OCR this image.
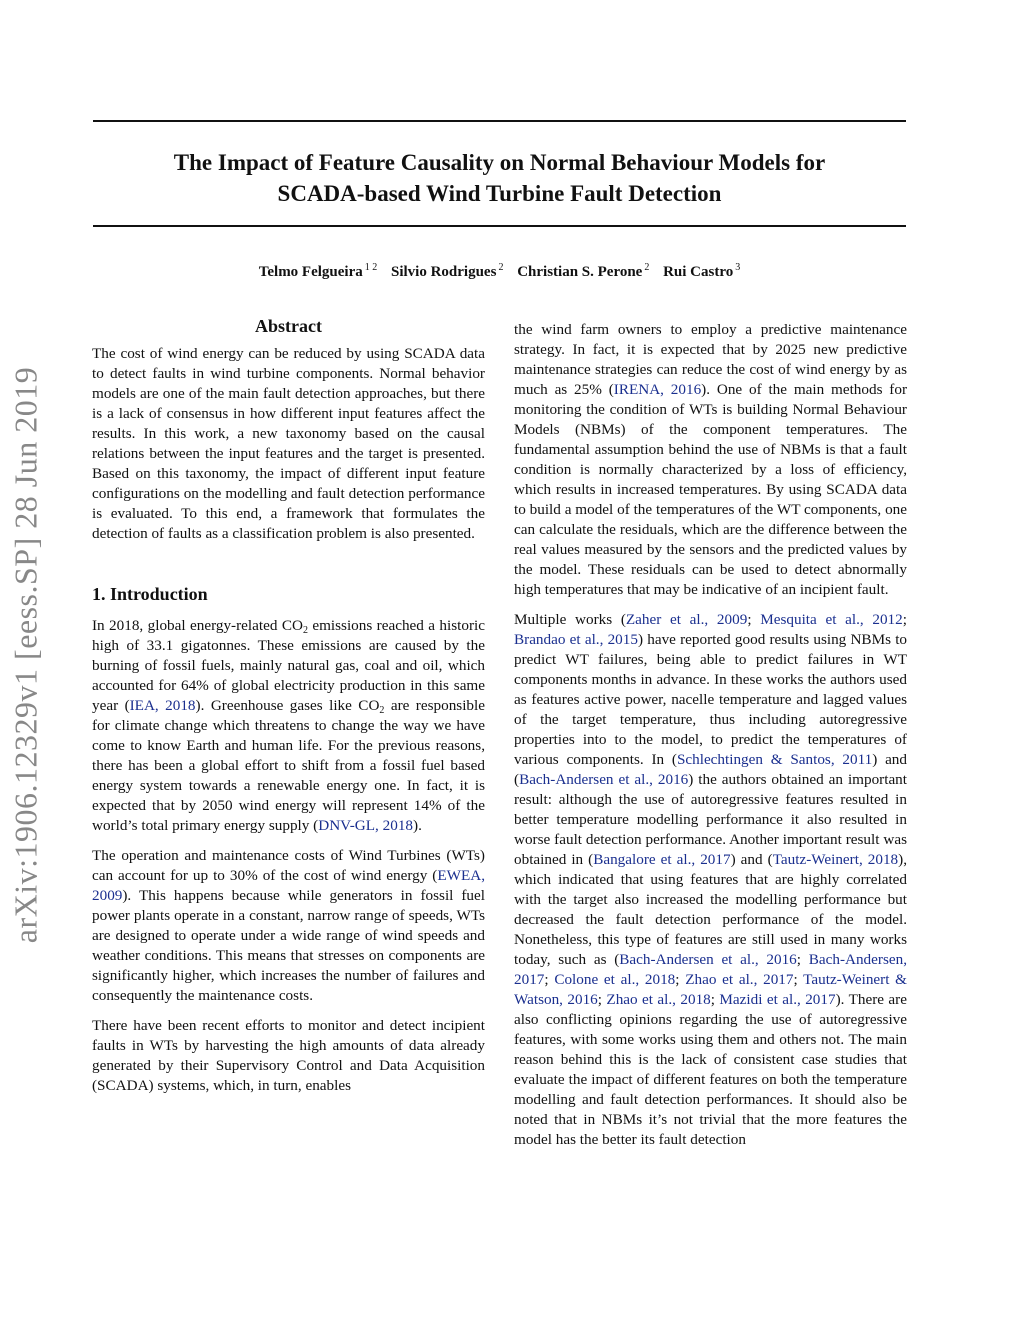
The Impact of Feature Causality on Normal Behaviour Models for
SCADA-based Wind Turbine Fault Detection

Telmo Felgueira $^{1 2}$ Silvio Rodrigues $^2$ Christian S. Perone $^2$ Rui Castro $^3$

arXiv:1906.12329v1 [eess.SP] 28 Jun 2019
Abstract

The cost of wind energy can be reduced by using SCADA data to detect faults in wind turbine components. Normal behavior models are one of the main fault detection approaches, but there is a lack of consensus in how different input features affect the results. In this work, a new taxonomy based on the causal relations between the input features and the target is presented. Based on this taxonomy, the impact of different input feature configurations on the modelling and fault detection performance is evaluated. To this end, a framework that formulates the detection of faults as a classification problem is also presented.

1. Introduction

In 2018, global energy-related $CO_2$ emissions reached a historic high of 33.1 gigatonnes. These emissions are caused by the burning of fossil fuels, mainly natural gas, coal and oil, which accounted for 64% of global electricity production in this same year (IEA, 2018). Greenhouse gases like $CO_2$ are responsible for climate change which threatens to change the way we have come to know Earth and human life. For the previous reasons, there has been a global effort to shift from a fossil fuel based energy system towards a renewable energy one. In fact, it is expected that by 2050 wind energy will represent 14% of the world’s total primary energy supply (DNV-GL, 2018).

The operation and maintenance costs of Wind Turbines (WTs) can account for up to 30% of the cost of wind energy (EWEA, 2009). This happens because while generators in fossil fuel power plants operate in a constant, narrow range of speeds, WTs are designed to operate under a wide range of wind speeds and weather conditions. This means that stresses on components are significantly higher, which increases the number of failures and consequently the maintenance costs.

There have been recent efforts to monitor and detect incipient faults in WTs by harvesting the high amounts of data already generated by their Supervisory Control and Data Acquisition (SCADA) systems, which, in turn, enables

the wind farm owners to employ a predictive maintenance strategy. In fact, it is expected that by 2025 new predictive maintenance strategies can reduce the cost of wind energy by as much as 25% (IRENA, 2016). One of the main methods for monitoring the condition of WTs is building Normal Behaviour Models (NBMs) of the component temperatures. The fundamental assumption behind the use of NBMs is that a fault condition is normally characterized by a loss of efficiency, which results in increased temperatures. By using SCADA data to build a model of the temperatures of the WT components, one can calculate the residuals, which are the difference between the real values measured by the sensors and the predicted values by the model. These residuals can be used to detect abnormally high temperatures that may be indicative of an incipient fault.

Multiple works (Zaher et al., 2009; Mesquita et al., 2012; Brandao et al., 2015) have reported good results using NBMs to predict WT failures, being able to predict failures in WT components months in advance. In these works the authors used as features active power, nacelle temperature and lagged values of the target temperature, thus including autoregressive properties into to the model, to predict the temperatures of various components. In (Schlechtingen & Santos, 2011) and (Bach-Andersen et al., 2016) the authors obtained an important result: although the use of autoregressive features resulted in better temperature modelling performance it also resulted in worse fault detection performance. Another important result was obtained in (Bangalore et al., 2017) and (Tautz-Weinert, 2018), which indicated that using features that are highly correlated with the target also increased the modelling performance but decreased the fault detection performance of the model. Nonetheless, this type of features are still used in many works today, such as (Bach-Andersen et al., 2016; Bach-Andersen, 2017; Colone et al., 2018; Zhao et al., 2017; Tautz-Weinert & Watson, 2016; Zhao et al., 2018; Mazidi et al., 2017). There are also conflicting opinions regarding the use of autoregressive features, with some works using them and others not. The main reason behind this is the lack of consistent case studies that evaluate the impact of different features on both the temperature modelling and fault detection performances. It should also be noted that in NBMs it’s not trivial that the more features the model has the better its fault detection
